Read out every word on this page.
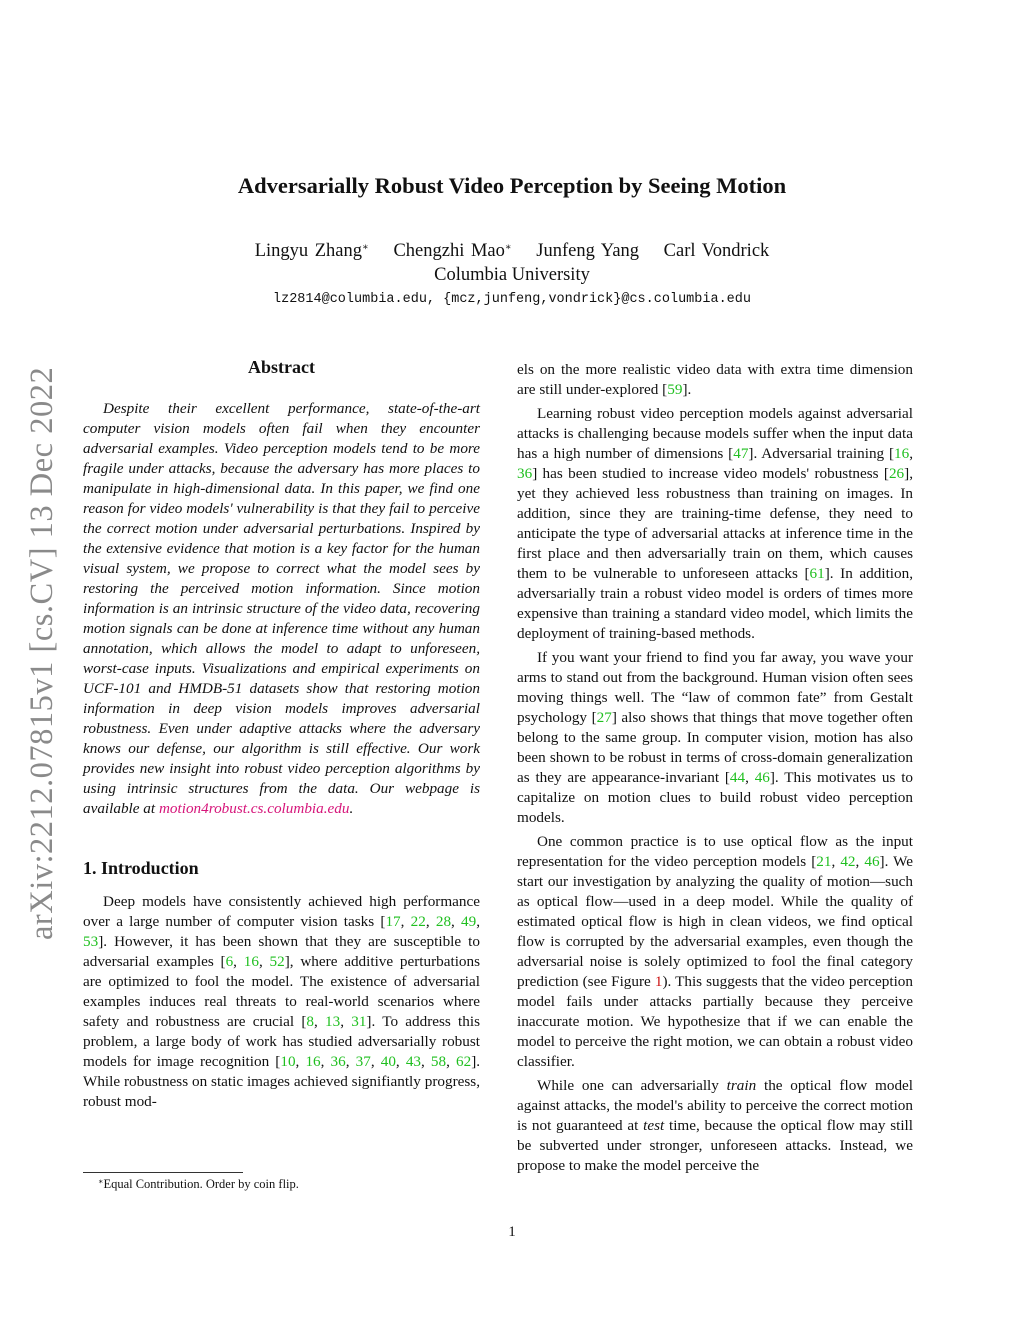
arXiv:2212.07815v1 [cs.CV] 13 Dec 2022
Adversarially Robust Video Perception by Seeing Motion
Lingyu Zhang∗ Chengzhi Mao∗ Junfeng Yang Carl Vondrick
Columbia University
lz2814@columbia.edu, {mcz,junfeng,vondrick}@cs.columbia.edu
Abstract

Despite their excellent performance, state-of-the-art computer vision models often fail when they encounter adversarial examples. Video perception models tend to be more fragile under attacks, because the adversary has more places to manipulate in high-dimensional data. In this paper, we find one reason for video models' vulnerability is that they fail to perceive the correct motion under adversarial perturbations. Inspired by the extensive evidence that motion is a key factor for the human visual system, we propose to correct what the model sees by restoring the perceived motion information. Since motion information is an intrinsic structure of the video data, recovering motion signals can be done at inference time without any human annotation, which allows the model to adapt to unforeseen, worst-case inputs. Visualizations and empirical experiments on UCF-101 and HMDB-51 datasets show that restoring motion information in deep vision models improves adversarial robustness. Even under adaptive attacks where the adversary knows our defense, our algorithm is still effective. Our work provides new insight into robust video perception algorithms by using intrinsic structures from the data. Our webpage is available at motion4robust.cs.columbia.edu.

1. Introduction

Deep models have consistently achieved high performance over a large number of computer vision tasks [17, 22, 28, 49, 53]. However, it has been shown that they are susceptible to adversarial examples [6, 16, 52], where additive perturbations are optimized to fool the model. The existence of adversarial examples induces real threats to real-world scenarios where safety and robustness are crucial [8, 13, 31]. To address this problem, a large body of work has studied adversarially robust models for image recognition [10, 16, 36, 37, 40, 43, 58, 62]. While robustness on static images achieved signifiantly progress, robust mod-

els on the more realistic video data with extra time dimension are still under-explored [59].

Learning robust video perception models against adversarial attacks is challenging because models suffer when the input data has a high number of dimensions [47]. Adversarial training [16, 36] has been studied to increase video models' robustness [26], yet they achieved less robustness than training on images. In addition, since they are training-time defense, they need to anticipate the type of adversarial attacks at inference time in the first place and then adversarially train on them, which causes them to be vulnerable to unforeseen attacks [61]. In addition, adversarially train a robust video model is orders of times more expensive than training a standard video model, which limits the deployment of training-based methods.

If you want your friend to find you far away, you wave your arms to stand out from the background. Human vision often sees moving things well. The “law of common fate” from Gestalt psychology [27] also shows that things that move together often belong to the same group. In computer vision, motion has also been shown to be robust in terms of cross-domain generalization as they are appearance-invariant [44, 46]. This motivates us to capitalize on motion clues to build robust video perception models.

One common practice is to use optical flow as the input representation for the video perception models [21, 42, 46]. We start our investigation by analyzing the quality of motion—such as optical flow—used in a deep model. While the quality of estimated optical flow is high in clean videos, we find optical flow is corrupted by the adversarial examples, even though the adversarial noise is solely optimized to fool the final category prediction (see Figure 1). This suggests that the video perception model fails under attacks partially because they perceive inaccurate motion. We hypothesize that if we can enable the model to perceive the right motion, we can obtain a robust video classifier.

While one can adversarially train the optical flow model against attacks, the model's ability to perceive the correct motion is not guaranteed at test time, because the optical flow may still be subverted under stronger, unforeseen attacks. Instead, we propose to make the model perceive the

∗Equal Contribution. Order by coin flip.
1
